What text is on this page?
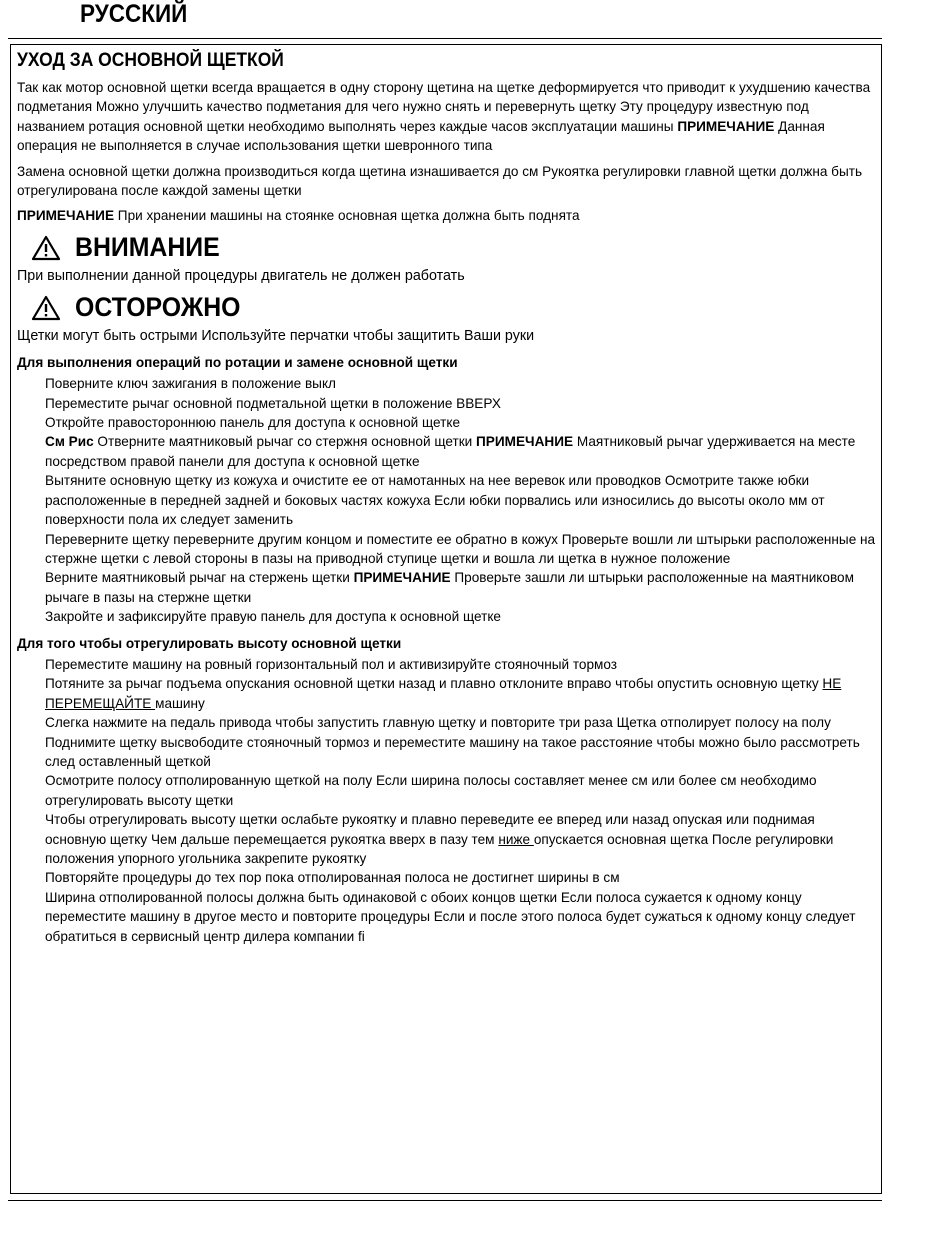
РУССКИЙ
УХОД ЗА ОСНОВНОЙ ЩЕТКОЙ

Так как мотор основной щетки всегда вращается в одну сторону щетина на щетке деформируется что приводит к ухудшению качества подметания Можно улучшить качество подметания для чего нужно снять и перевернуть щетку Эту процедуру известную под названием ротация основной щетки необходимо выполнять через каждые часов эксплуатации машины ПРИМЕЧАНИЕ Данная операция не выполняется в случае использования щетки шевронного типа

Замена основной щетки должна производиться когда щетина изнашивается до см Рукоятка регулировки главной щетки должна быть отрегулирована после каждой замены щетки

ПРИМЕЧАНИЕ При хранении машины на стоянке основная щетка должна быть поднята

ВНИМАНИЕ

При выполнении данной процедуры двигатель не должен работать

ОСТОРОЖНО

Щетки могут быть острыми Используйте перчатки чтобы защитить Ваши руки

Для выполнения операций по ротации и замене основной щетки

Поверните ключ зажигания в положение выкл
Переместите рычаг основной подметальной щетки в положение ВВЕРХ
Откройте правостороннюю панель для доступа к основной щетке
См Рис Отверните маятниковый рычаг со стержня основной щетки ПРИМЕЧАНИЕ Маятниковый рычаг удерживается на месте посредством правой панели для доступа к основной щетке
Вытяните основную щетку из кожуха и очистите ее от намотанных на нее веревок или проводков Осмотрите также юбки расположенные в передней задней и боковых частях кожуха Если юбки порвались или износились до высоты около мм от поверхности пола их следует заменить
Переверните щетку переверните другим концом и поместите ее обратно в кожух Проверьте вошли ли штырьки расположенные на стержне щетки с левой стороны в пазы на приводной ступице щетки и вошла ли щетка в нужное положение
Верните маятниковый рычаг на стержень щетки ПРИМЕЧАНИЕ Проверьте зашли ли штырьки расположенные на маятниковом рычаге в пазы на стержне щетки
Закройте и зафиксируйте правую панель для доступа к основной щетке

Для того чтобы отрегулировать высоту основной щетки

Переместите машину на ровный горизонтальный пол и активизируйте стояночный тормоз
Потяните за рычаг подъема опускания основной щетки назад и плавно отклоните вправо чтобы опустить основную щетку НЕ ПЕРЕМЕЩАЙТЕ машину
Слегка нажмите на педаль привода чтобы запустить главную щетку и повторите три раза Щетка отполирует полосу на полу Поднимите щетку высвободите стояночный тормоз и переместите машину на такое расстояние чтобы можно было рассмотреть след оставленный щеткой
Осмотрите полосу отполированную щеткой на полу Если ширина полосы составляет менее см или более см необходимо отрегулировать высоту щетки
Чтобы отрегулировать высоту щетки ослабьте рукоятку и плавно переведите ее вперед или назад опуская или поднимая основную щетку Чем дальше перемещается рукоятка вверх в пазу тем ниже опускается основная щетка После регулировки положения упорного угольника закрепите рукоятку
Повторяйте процедуры до тех пор пока отполированная полоса не достигнет ширины в см
Ширина отполированной полосы должна быть одинаковой с обоих концов щетки Если полоса сужается к одному концу переместите машину в другое место и повторите процедуры Если и после этого полоса будет сужаться к одному концу следует обратиться в сервисный центр дилера компании fi
